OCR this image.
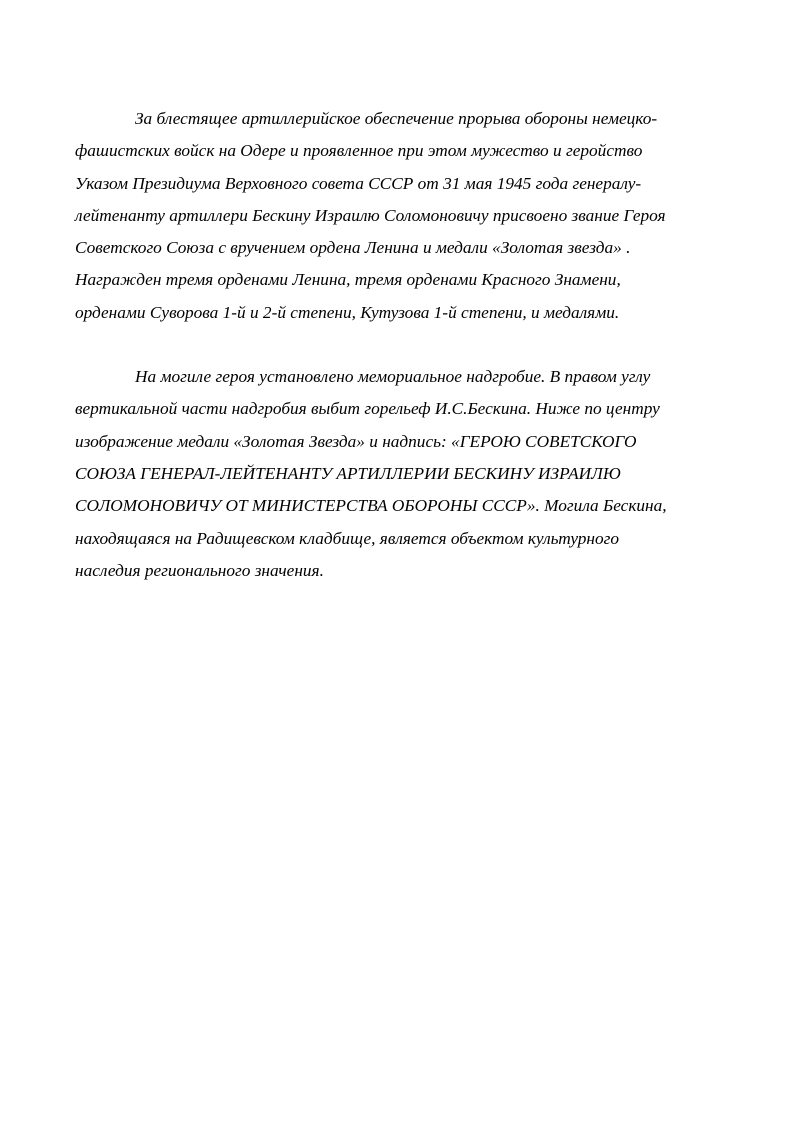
За блестящее артиллерийское обеспечение прорыва обороны немецко-
фашистских войск на Одере и проявленное при этом мужество и геройство
Указом Президиума Верховного совета СССР от 31 мая 1945 года генералу-
лейтенанту артиллери Бескину Израилю Соломоновичу присвоено звание Героя
Советского Союза с вручением ордена Ленина и медали «Золотая звезда» .
Награжден тремя орденами Ленина, тремя орденами Красного Знамени,
орденами Суворова 1-й и 2-й степени, Кутузова 1-й степени, и медалями.
На могиле героя установлено мемориальное надгробие. В правом углу
вертикальной части надгробия выбит горельеф И.С.Бескина. Ниже по центру
изображение медали «Золотая Звезда» и надпись: «ГЕРОЮ СОВЕТСКОГО
СОЮЗА ГЕНЕРАЛ-ЛЕЙТЕНАНТУ АРТИЛЛЕРИИ БЕСКИНУ ИЗРАИЛЮ
СОЛОМОНОВИЧУ ОТ МИНИСТЕРСТВА ОБОРОНЫ СССР». Могила Бескина,
находящаяся на Радищевском кладбище, является объектом культурного
наследия регионального значения.
